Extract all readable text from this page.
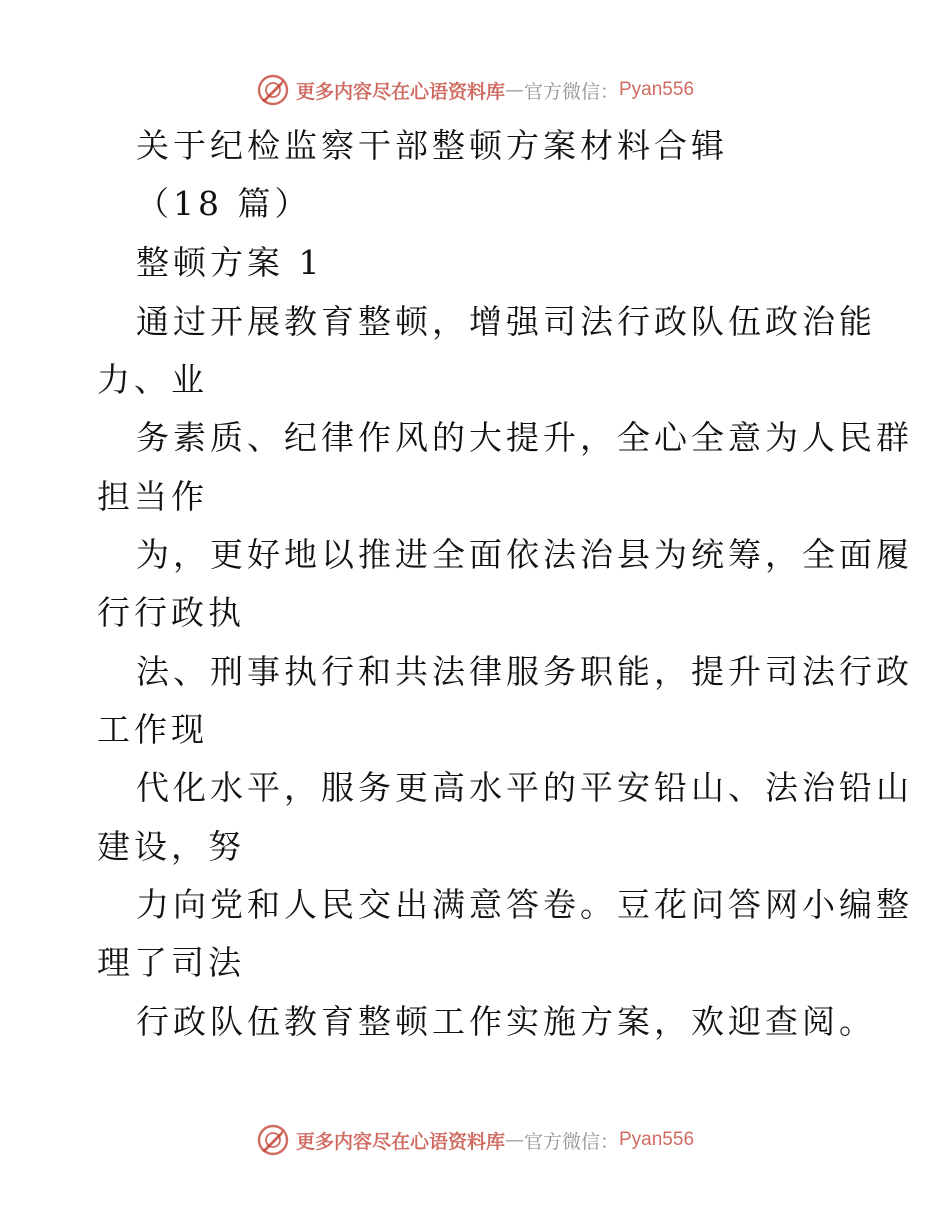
更多内容尽在心语资料库 — 官方微信： Pyan556
关于纪检监察干部整顿方案材料合辑
（18 篇）
整顿方案 1
通过开展教育整顿，增强司法行政队伍政治能
力、业
务素质、纪律作风的大提升，全心全意为人民群
担当作
为，更好地以推进全面依法治县为统筹，全面履
行行政执
法、刑事执行和共法律服务职能，提升司法行政
工作现
代化水平，服务更高水平的平安铅山、法治铅山
建设，努
力向党和人民交出满意答卷。豆花问答网小编整
理了司法
行政队伍教育整顿工作实施方案，欢迎查阅。
更多内容尽在心语资料库 — 官方微信： Pyan556
